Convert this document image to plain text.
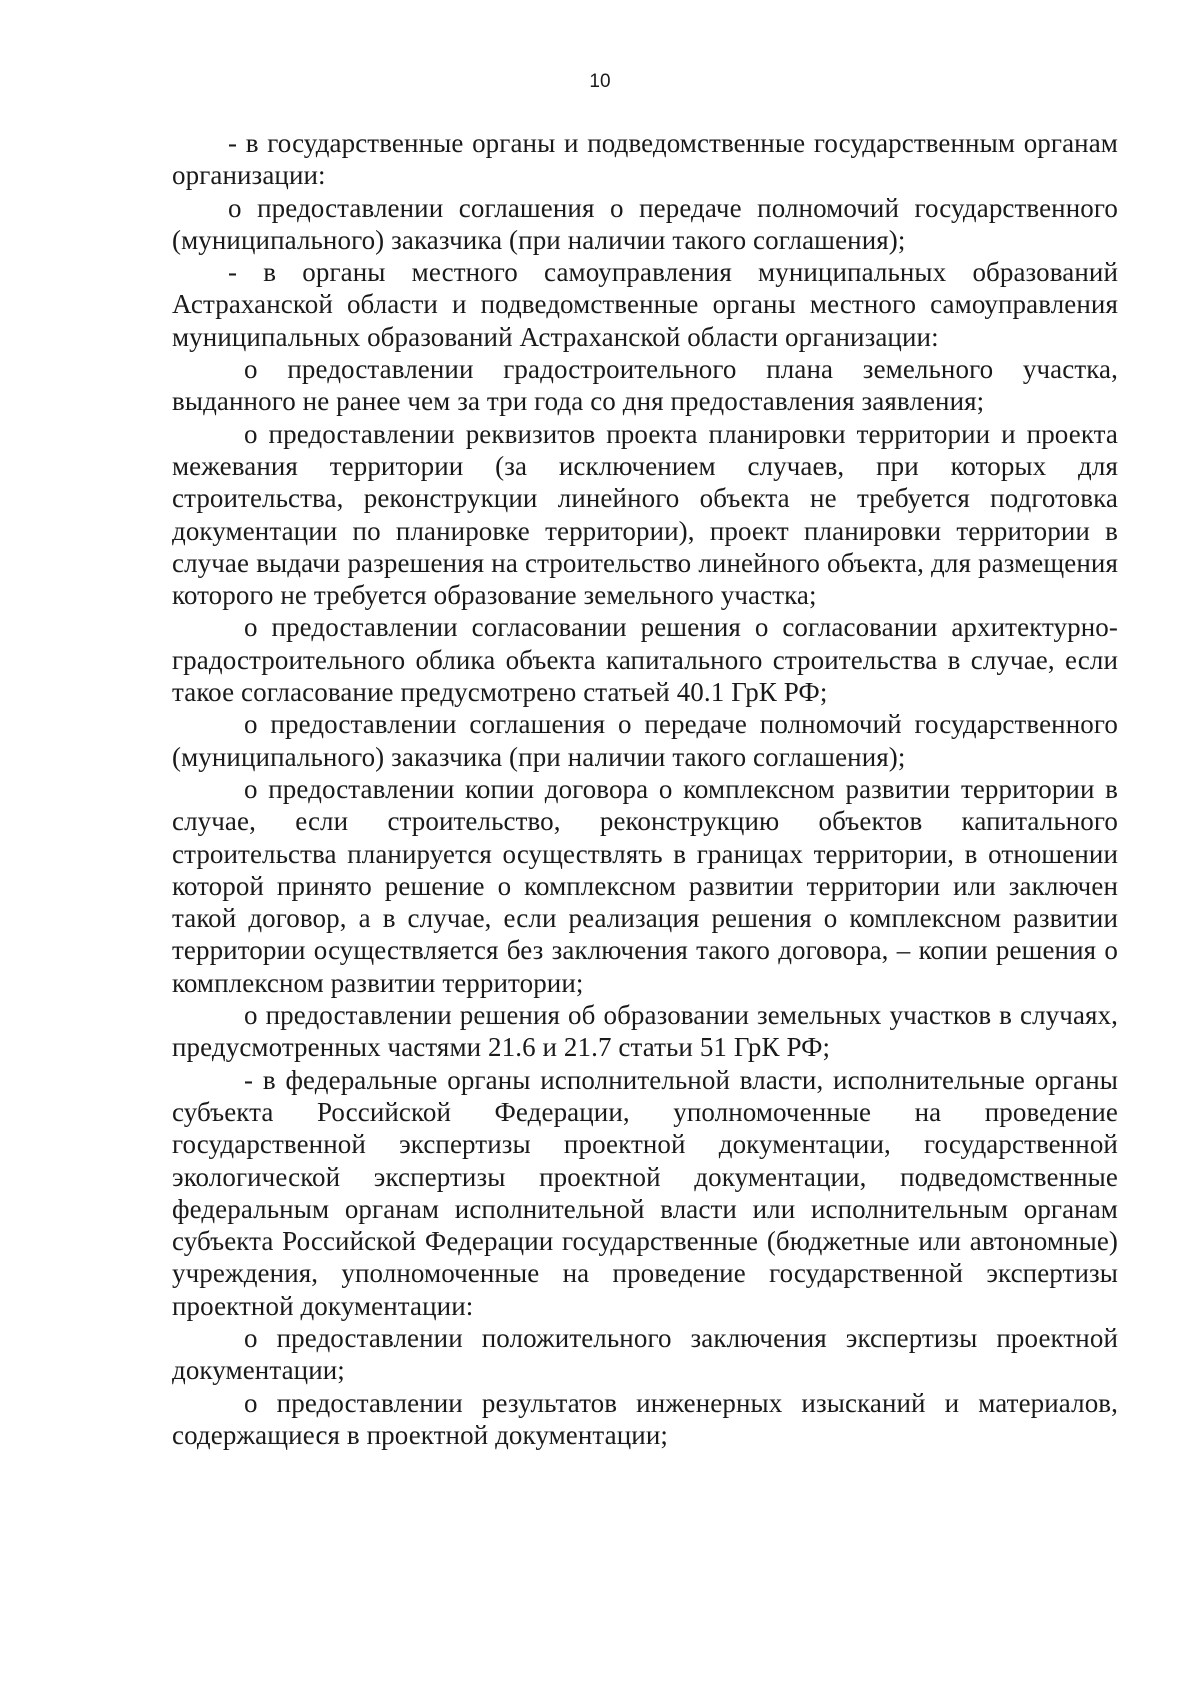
10

- в государственные органы и подведомственные государственным органам организации:

о предоставлении соглашения о передаче полномочий государственного (муниципального) заказчика (при наличии такого соглашения);

- в органы местного самоуправления муниципальных образований Астраханской области и подведомственные органы местного самоуправления муниципальных образований Астраханской области организации:

о предоставлении градостроительного плана земельного участка, выданного не ранее чем за три года со дня предоставления заявления;

о предоставлении реквизитов проекта планировки территории и проекта межевания территории (за исключением случаев, при которых для строительства, реконструкции линейного объекта не требуется подготовка документации по планировке территории), проект планировки территории в случае выдачи разрешения на строительство линейного объекта, для размещения которого не требуется образование земельного участка;

о предоставлении согласовании решения о согласовании архитектурно-градостроительного облика объекта капитального строительства в случае, если такое согласование предусмотрено статьей 40.1 ГрК РФ;

о предоставлении соглашения о передаче полномочий государственного (муниципального) заказчика (при наличии такого соглашения);

о предоставлении копии договора о комплексном развитии территории в случае, если строительство, реконструкцию объектов капитального строительства планируется осуществлять в границах территории, в отношении которой принято решение о комплексном развитии территории или заключен такой договор, а в случае, если реализация решения о комплексном развитии территории осуществляется без заключения такого договора, – копии решения о комплексном развитии территории;

о предоставлении решения об образовании земельных участков в случаях, предусмотренных частями 21.6 и 21.7 статьи 51 ГрК РФ;

- в федеральные органы исполнительной власти, исполнительные органы субъекта Российской Федерации, уполномоченные на проведение государственной экспертизы проектной документации, государственной экологической экспертизы проектной документации, подведомственные федеральным органам исполнительной власти или исполнительным органам субъекта Российской Федерации государственные (бюджетные или автономные) учреждения, уполномоченные на проведение государственной экспертизы проектной документации:

о предоставлении положительного заключения экспертизы проектной документации;

о предоставлении результатов инженерных изысканий и материалов, содержащиеся в проектной документации;
